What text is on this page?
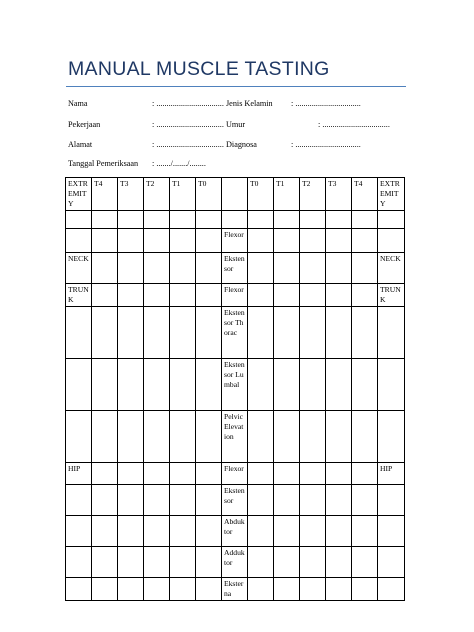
MANUAL MUSCLE TASTING
Nama	: ................................. Jenis Kelamin : ................................
Pekerjaan	: ................................. Umur	: .................................
Alamat	: ................................. Diagnosa	: ................................
Tanggal Pemeriksaan : ......./......./........
EXTREMITY	T4	T3	T2	T1	T0		T0	T1	T2	T3	T4	EXTREMITY

						Flexor						
NECK						Ekstensor						NECK
TRUNK						Flexor						TRUNK
						Ekstensor Thorac						
						Ekstensor Lumbal						
						Pelvic Elevation						
HIP						Flexor						HIP
						Ekstensor						
						Abduktor						
						Adduktor						
						Eksterna						
